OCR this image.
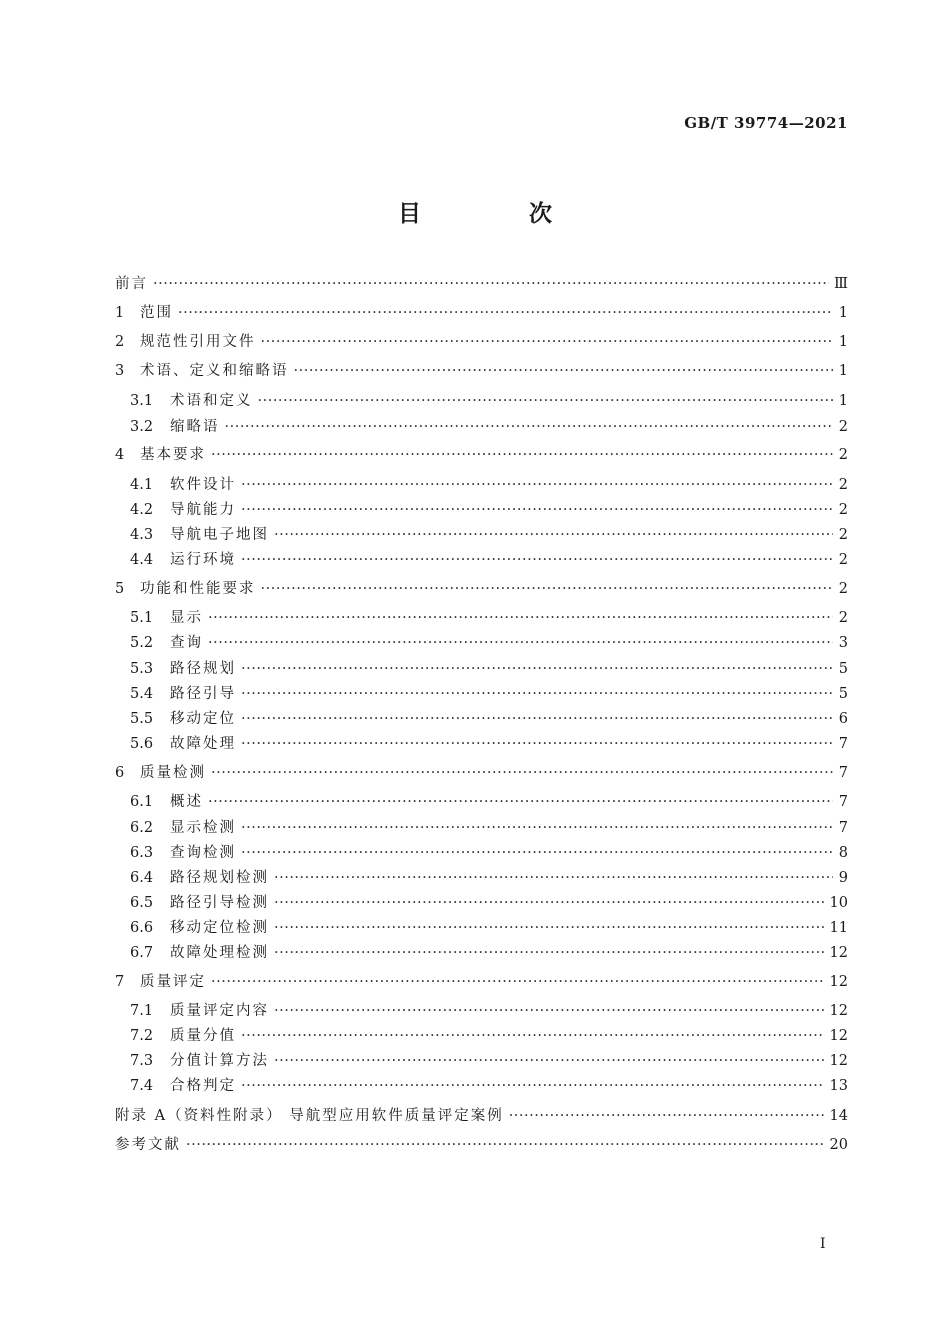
GB/T 39774—2021
目 次
前言 ·····	Ⅲ
1	范围 ·····	1
2	规范性引用文件 ·····	1
3	术语、定义和缩略语 ·····	1
3.1	术语和定义 ·····	1
3.2	缩略语 ·····	2
4	基本要求 ·····	2
4.1	软件设计 ·····	2
4.2	导航能力 ·····	2
4.3	导航电子地图 ·····	2
4.4	运行环境 ·····	2
5	功能和性能要求 ·····	2
5.1	显示 ·····	2
5.2	查询 ·····	3
5.3	路径规划 ·····	5
5.4	路径引导 ·····	5
5.5	移动定位 ·····	6
5.6	故障处理 ·····	7
6	质量检测 ·····	7
6.1	概述 ·····	7
6.2	显示检测 ·····	7
6.3	查询检测 ·····	8
6.4	路径规划检测 ·····	9
6.5	路径引导检测 ·····	10
6.6	移动定位检测 ·····	11
6.7	故障处理检测 ·····	12
7	质量评定 ·····	12
7.1	质量评定内容 ·····	12
7.2	质量分值 ·····	12
7.3	分值计算方法 ·····	12
7.4	合格判定 ·····	13
附录 A（资料性附录） 导航型应用软件质量评定案例 ·····	14
参考文献 ·····	20
Ⅰ
